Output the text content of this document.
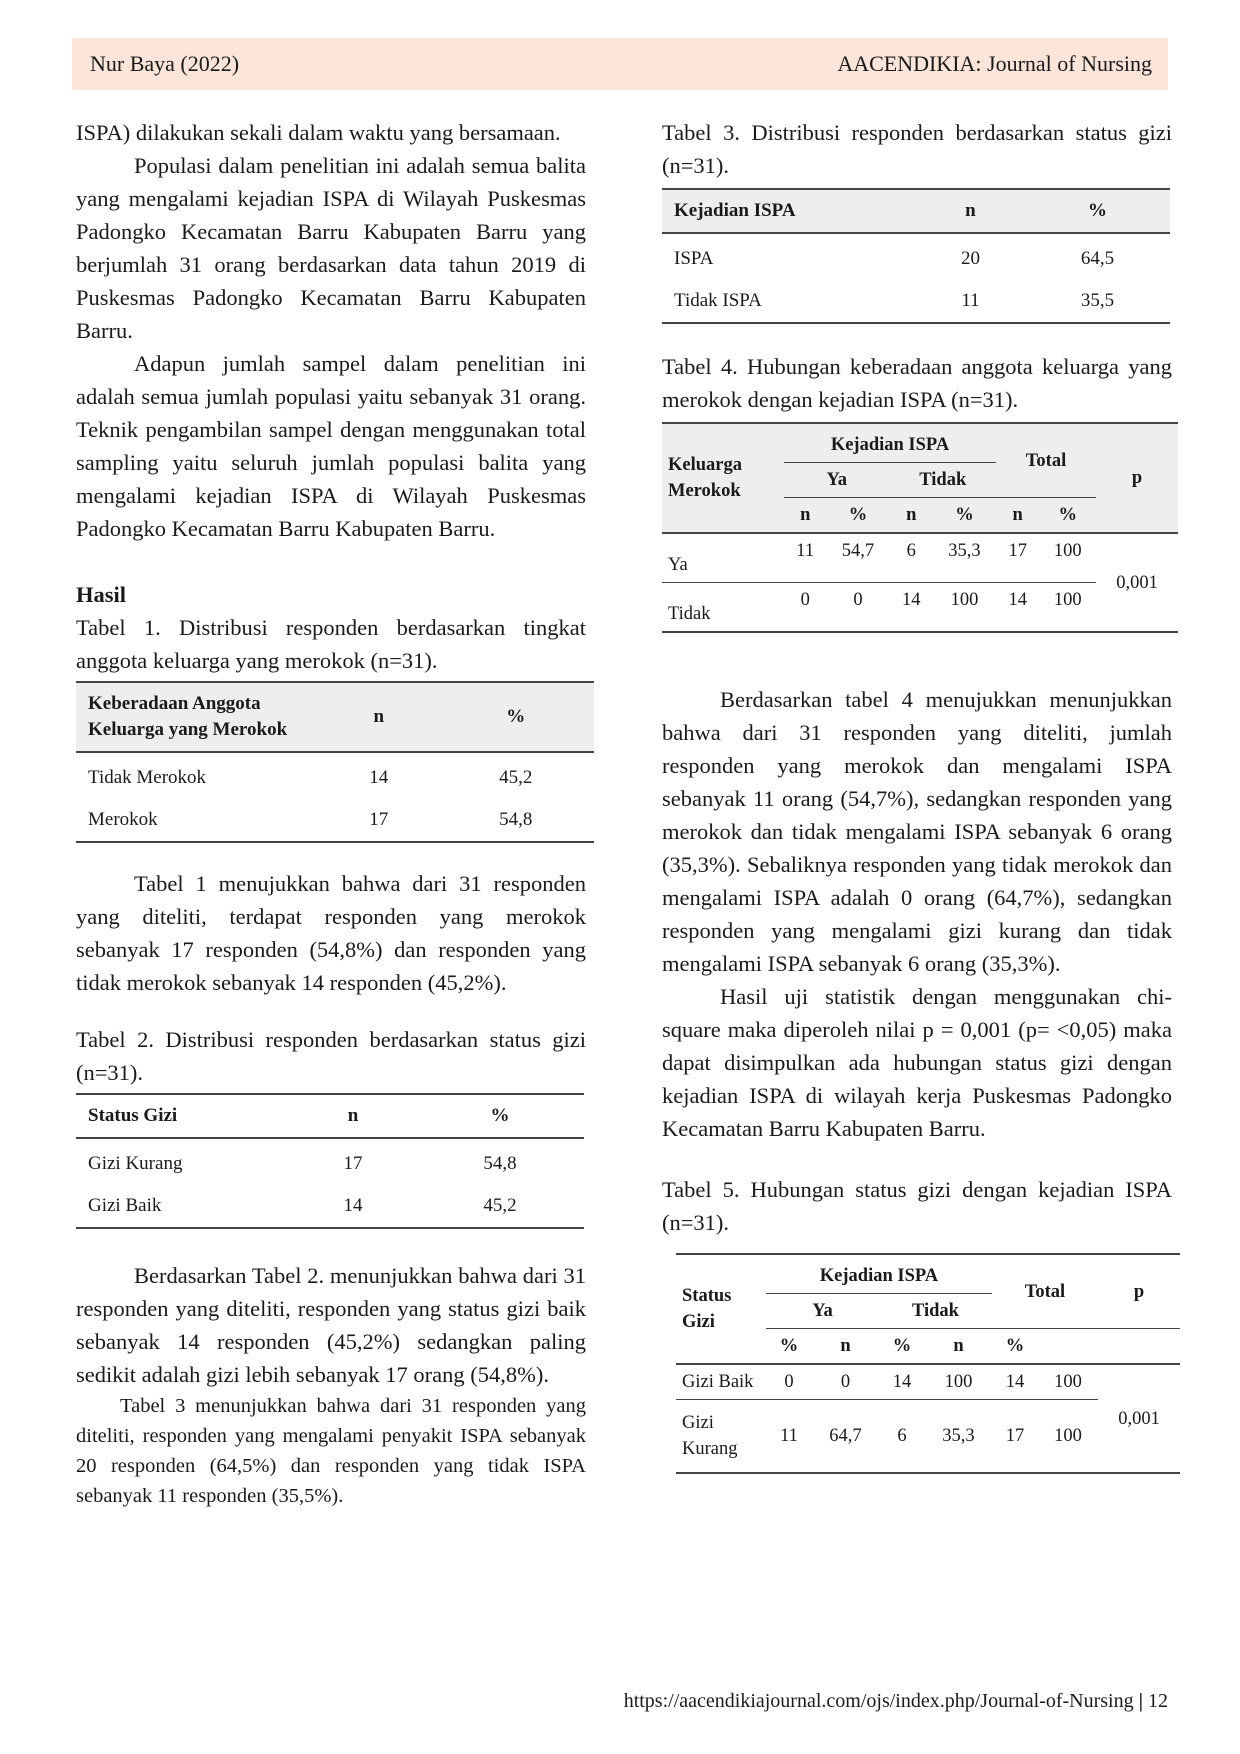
Nur Baya (2022)	AACENDIKIA: Journal of Nursing

ISPA) dilakukan sekali dalam waktu yang bersamaan.

Populasi dalam penelitian ini adalah semua balita yang mengalami kejadian ISPA di Wilayah Puskesmas Padongko Kecamatan Barru Kabupaten Barru yang berjumlah 31 orang berdasarkan data tahun 2019 di Puskesmas Padongko Kecamatan Barru Kabupaten Barru.

Adapun jumlah sampel dalam penelitian ini adalah semua jumlah populasi yaitu sebanyak 31 orang. Teknik pengambilan sampel dengan menggunakan total sampling yaitu seluruh jumlah populasi balita yang mengalami kejadian ISPA di Wilayah Puskesmas Padongko Kecamatan Barru Kabupaten Barru.

Hasil

Tabel 1. Distribusi responden berdasarkan tingkat anggota keluarga yang merokok (n=31).

Keberadaan Anggota Keluarga yang Merokok	n	%
Tidak Merokok	14	45,2
Merokok	17	54,8

Tabel 1 menujukkan bahwa dari 31 responden yang diteliti, terdapat responden yang merokok sebanyak 17 responden (54,8%) dan responden yang tidak merokok sebanyak 14 responden (45,2%).

Tabel 2. Distribusi responden berdasarkan status gizi (n=31).

Status Gizi	n	%
Gizi Kurang	17	54,8
Gizi Baik	14	45,2

Berdasarkan Tabel 2. menunjukkan bahwa dari 31 responden yang diteliti, responden yang status gizi baik sebanyak 14 responden (45,2%) sedangkan paling sedikit adalah gizi lebih sebanyak 17 orang (54,8%).

Tabel 3 menunjukkan bahwa dari 31 responden yang diteliti, responden yang mengalami penyakit ISPA sebanyak 20 responden (64,5%) dan responden yang tidak ISPA sebanyak 11 responden (35,5%).

Tabel 3. Distribusi responden berdasarkan status gizi (n=31).

Kejadian ISPA	n	%
ISPA	20	64,5
Tidak ISPA	11	35,5

Tabel 4. Hubungan keberadaan anggota keluarga yang merokok dengan kejadian ISPA (n=31).

Keluarga Merokok	Kejadian ISPA				Total		p
	Ya		Tidak				
	n	%	n	%	n	%	
Ya	11	54,7	6	35,3	17	100	0,001
Tidak	0	0	14	100	14	100	

Berdasarkan tabel 4 menujukkan menunjukkan bahwa dari 31 responden yang diteliti, jumlah responden yang merokok dan mengalami ISPA sebanyak 11 orang (54,7%), sedangkan responden yang merokok dan tidak mengalami ISPA sebanyak 6 orang (35,3%). Sebaliknya responden yang tidak merokok dan mengalami ISPA adalah 0 orang (64,7%), sedangkan responden yang mengalami gizi kurang dan tidak mengalami ISPA sebanyak 6 orang (35,3%).

Hasil uji statistik dengan menggunakan chi-square maka diperoleh nilai p = 0,001 (p= <0,05) maka dapat disimpulkan ada hubungan status gizi dengan kejadian ISPA di wilayah kerja Puskesmas Padongko Kecamatan Barru Kabupaten Barru.

Tabel 5. Hubungan status gizi dengan kejadian ISPA (n=31).

Status Gizi	Kejadian ISPA				Total		p
	Ya		Tidak				
	%	n	%	n	%		
Gizi Baik	0	0	14	100	14	100	0,001
Gizi Kurang	11	64,7	6	35,3	17	100	
https://aacendikiajournal.com/ojs/index.php/Journal-of-Nursing | 12
